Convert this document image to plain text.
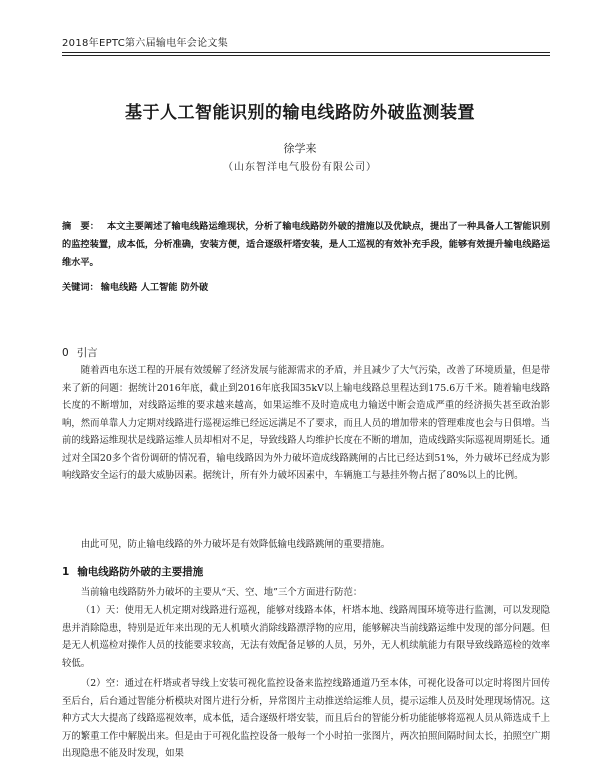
2018年EPTC第六届输电年会论文集
基于人工智能识别的输电线路防外破监测装置
徐学来
（山东智洋电气股份有限公司）
摘　要： 本文主要阐述了输电线路运维现状，分析了输电线路防外破的措施以及优缺点，提出了一种具备人工智能识别的监控装置，成本低，分析准确，安装方便，适合逐级杆塔安装，是人工巡视的有效补充手段，能够有效提升输电线路运维水平。
关键词： 输电线路 人工智能 防外破
0 引言
随着西电东送工程的开展有效缓解了经济发展与能源需求的矛盾，并且减少了大气污染，改善了环境质量，但是带来了新的问题：据统计2016年底，截止到2016年底我国35kV以上输电线路总里程达到175.6万千米。随着输电线路长度的不断增加，对线路运维的要求越来越高，如果运维不及时造成电力输送中断会造成严重的经济损失甚至政治影响，然而单靠人力定期对线路进行巡视运维已经远远满足不了要求，而且人员的增加带来的管理难度也会与日俱增。当前的线路运维现状是线路运维人员却相对不足，导致线路人均维护长度在不断的增加，造成线路实际巡视周期延长。通过对全国20多个省份调研的情况看，输电线路因为外力破坏造成线路跳闸的占比已经达到51%，外力破坏已经成为影响线路安全运行的最大威胁因素。据统计，所有外力破坏因素中，车辆施工与悬挂外物占据了80%以上的比例。
由此可见，防止输电线路的外力破坏是有效降低输电线路跳闸的重要措施。
1 输电线路防外破的主要措施
当前输电线路防外力破坏的主要从“天、空、地”三个方面进行防范：
（1）天：使用无人机定期对线路进行巡视，能够对线路本体，杆塔本地、线路周围环境等进行监测，可以发现隐患并消除隐患，特别是近年来出现的无人机喷火消除线路漂浮物的应用，能够解决当前线路运维中发现的部分问题。但是无人机巡检对操作人员的技能要求较高，无法有效配备足够的人员，另外，无人机续航能力有限导致线路巡检的效率较低。
（2）空：通过在杆塔或者导线上安装可视化监控设备来监控线路通道乃至本体，可视化设备可以定时将图片回传至后台，后台通过智能分析模块对图片进行分析，异常图片主动推送给运维人员，提示运维人员及时处理现场情况。这种方式大大提高了线路巡视效率，成本低，适合逐级杆塔安装，而且后台的智能分析功能能够将巡视人员从筛选成千上万的繁重工作中解脱出来。但是由于可视化监控设备一般每一个小时拍一张图片，两次拍照间隔时间太长，拍照空广期出现隐患不能及时发现，如果
